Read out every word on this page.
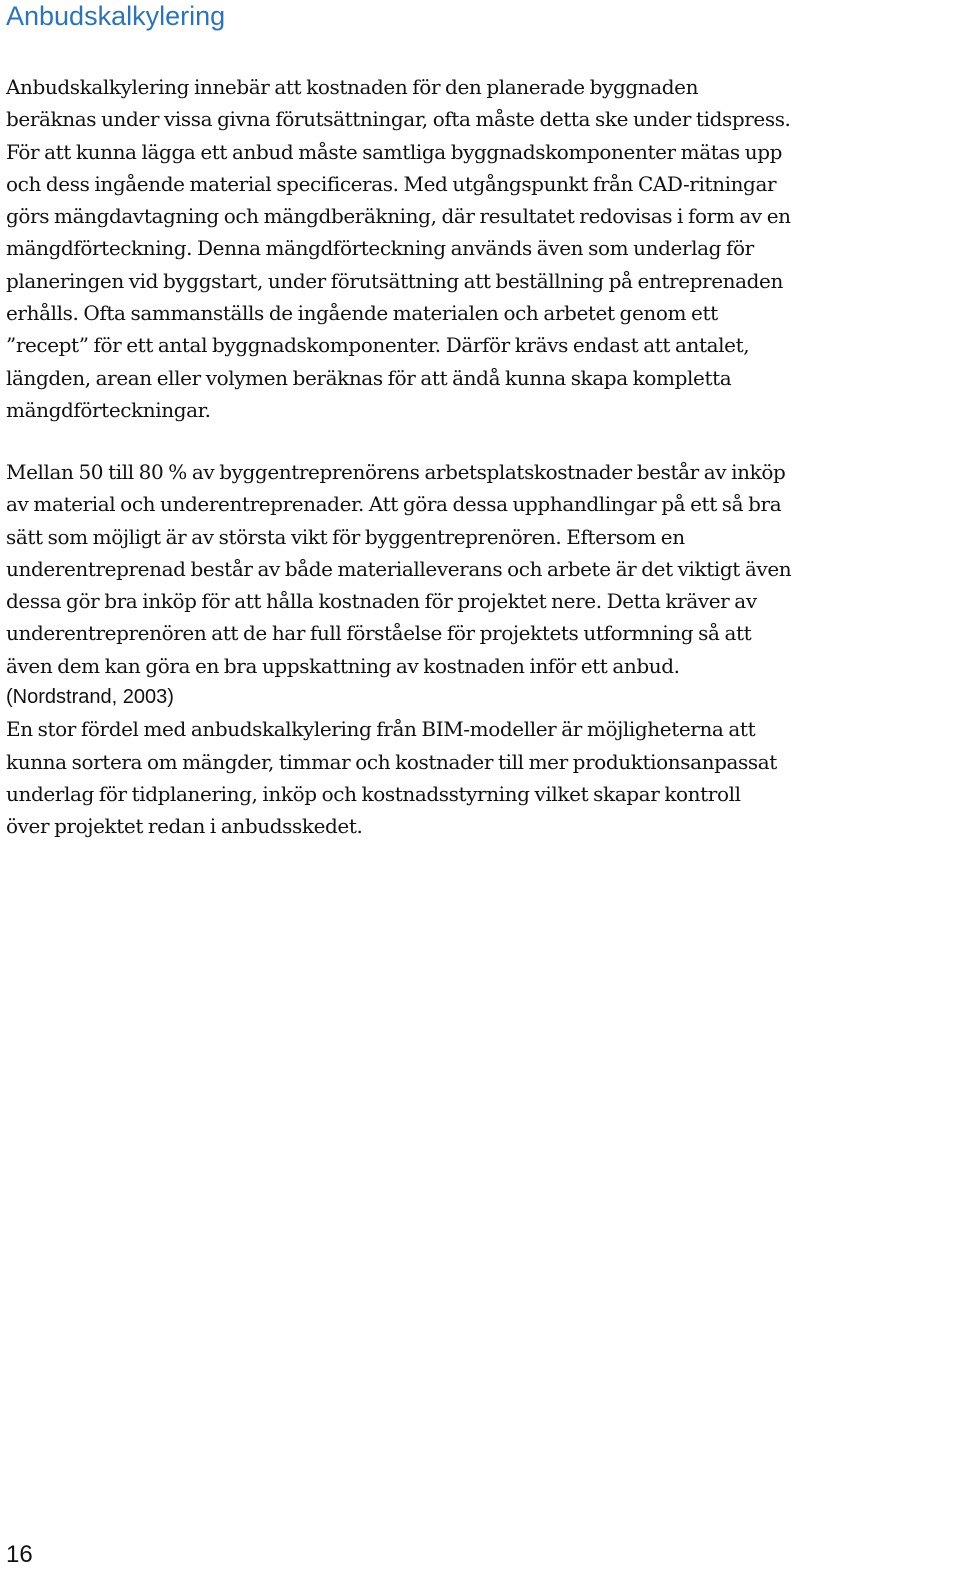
Anbudskalkylering

Anbudskalkylering innebär att kostnaden för den planerade byggnaden
beräknas under vissa givna förutsättningar, ofta måste detta ske under tidspress.
För att kunna lägga ett anbud måste samtliga byggnadskomponenter mätas upp
och dess ingående material specificeras. Med utgångspunkt från CAD-ritningar
görs mängdavtagning och mängdberäkning, där resultatet redovisas i form av en
mängdförteckning. Denna mängdförteckning används även som underlag för
planeringen vid byggstart, under förutsättning att beställning på entreprenaden
erhålls. Ofta sammanställs de ingående materialen och arbetet genom ett
”recept” för ett antal byggnadskomponenter. Därför krävs endast att antalet,
längden, arean eller volymen beräknas för att ändå kunna skapa kompletta
mängdförteckningar.

Mellan 50 till 80 % av byggentreprenörens arbetsplatskostnader består av inköp
av material och underentreprenader. Att göra dessa upphandlingar på ett så bra
sätt som möjligt är av största vikt för byggentreprenören. Eftersom en
underentreprenad består av både materialleverans och arbete är det viktigt även
dessa gör bra inköp för att hålla kostnaden för projektet nere. Detta kräver av
underentreprenören att de har full förståelse för projektets utformning så att
även dem kan göra en bra uppskattning av kostnaden inför ett anbud.

(Nordstrand, 2003)
En stor fördel med anbudskalkylering från BIM-modeller är möjligheterna att
kunna sortera om mängder, timmar och kostnader till mer produktionsanpassat
underlag för tidplanering, inköp och kostnadsstyrning vilket skapar kontroll
över projektet redan i anbudsskedet.

16
